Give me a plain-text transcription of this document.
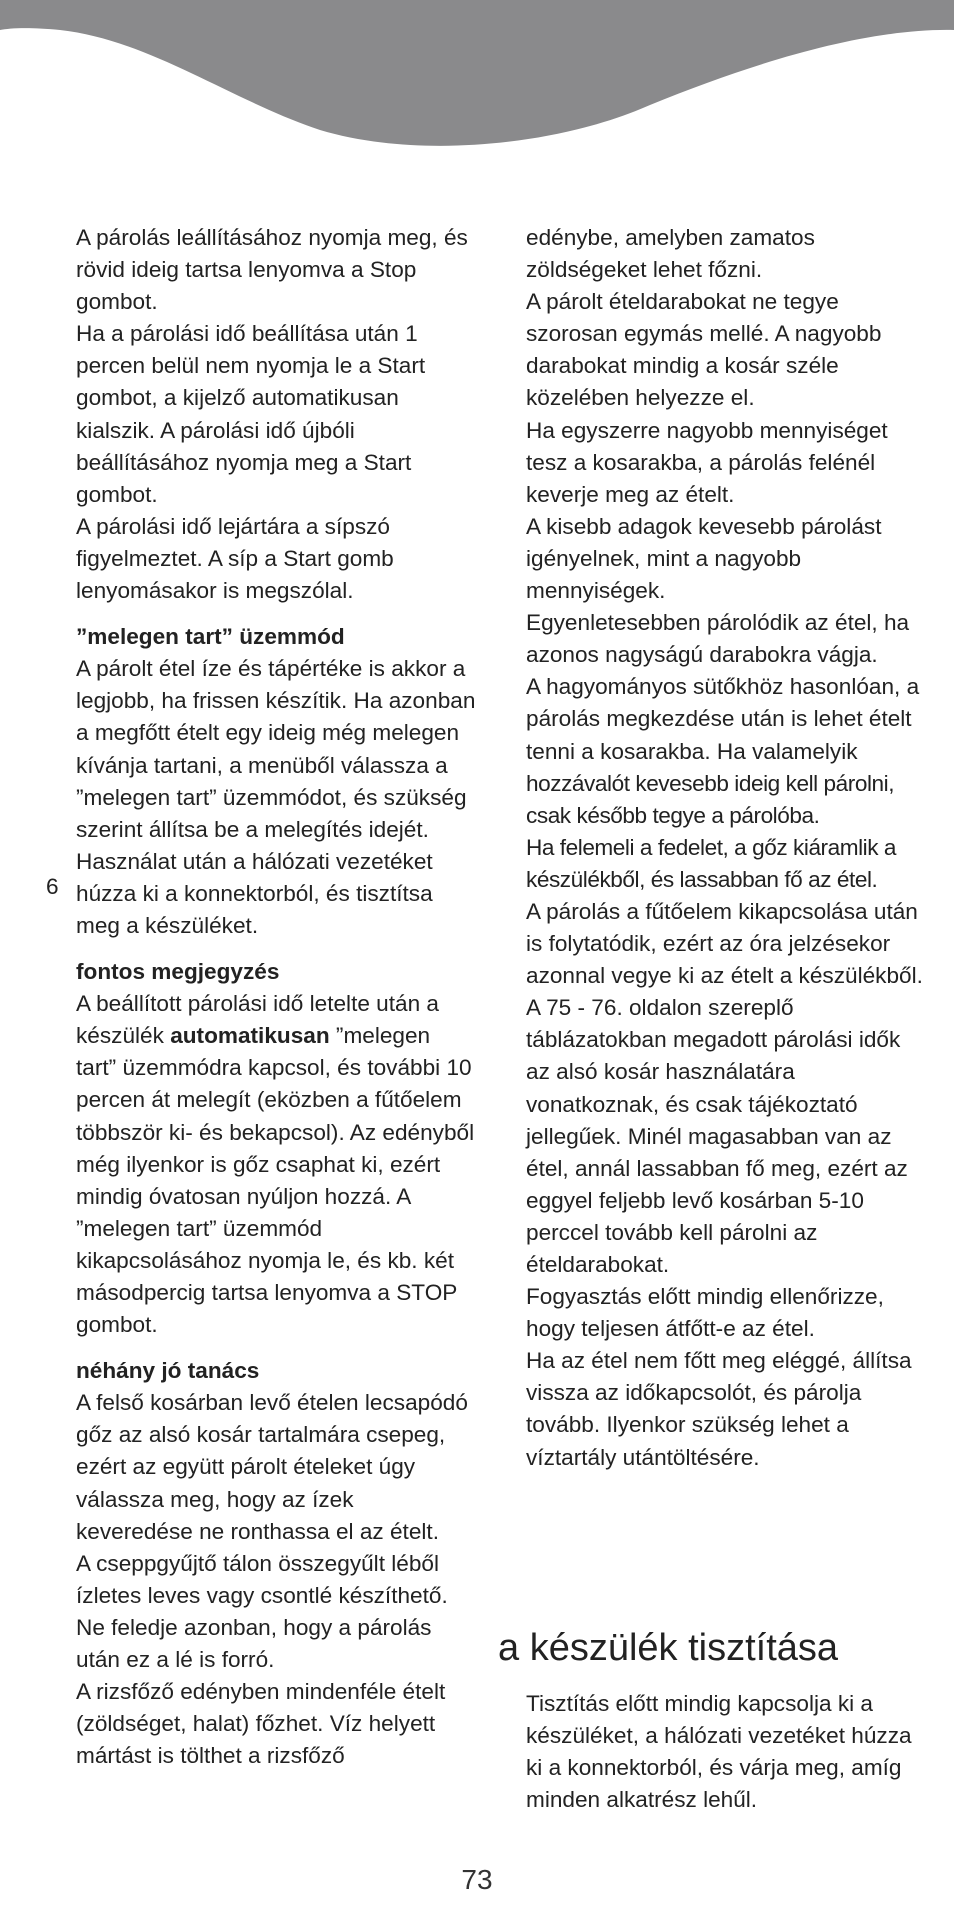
A párolás leállításához nyomja meg, és rövid ideig tartsa lenyomva a Stop gombot.

Ha a párolási idő beállítása után 1 percen belül nem nyomja le a Start gombot, a kijelző automatikusan kialszik. A párolási idő újbóli beállításához nyomja meg a Start gombot.

A párolási idő lejártára a sípszó figyelmeztet. A síp a Start gomb lenyomásakor is megszólal.

”melegen tart” üzemmód

A párolt étel íze és tápértéke is akkor a legjobb, ha frissen készítik. Ha azonban a megfőtt ételt egy ideig még melegen kívánja tartani, a menüből válassza a ”melegen tart” üzemmódot, és szükség szerint állítsa be a melegítés idejét.

Használat után a hálózati vezetéket húzza ki a konnektorból, és tisztítsa meg a készüléket.

fontos megjegyzés

A beállított párolási idő letelte után a készülék automatikusan ”melegen tart” üzemmódra kapcsol, és további 10 percen át melegít (eközben a fűtőelem többször ki- és bekapcsol). Az edényből még ilyenkor is gőz csaphat ki, ezért mindig óvatosan nyúljon hozzá. A ”melegen tart” üzemmód kikapcsolásához nyomja le, és kb. két másodpercig tartsa lenyomva a STOP gombot.

néhány jó tanács

A felső kosárban levő ételen lecsapódó gőz az alsó kosár tartalmára csepeg, ezért az együtt párolt ételeket úgy válassza meg, hogy az ízek keveredése ne ronthassa el az ételt.

A cseppgyűjtő tálon összegyűlt léből ízletes leves vagy csontlé készíthető. Ne feledje azonban, hogy a párolás után ez a lé is forró.

A rizsfőző edényben mindenféle ételt (zöldséget, halat) főzhet. Víz helyett mártást is tölthet a rizsfőző

6

edénybe, amelyben zamatos zöldségeket lehet főzni.

A párolt ételdarabokat ne tegye szorosan egymás mellé. A nagyobb darabokat mindig a kosár széle közelében helyezze el.

Ha egyszerre nagyobb mennyiséget tesz a kosarakba, a párolás felénél keverje meg az ételt.

A kisebb adagok kevesebb párolást igényelnek, mint a nagyobb mennyiségek.

Egyenletesebben párolódik az étel, ha azonos nagyságú darabokra vágja.

A hagyományos sütőkhöz hasonlóan, a párolás megkezdése után is lehet ételt tenni a kosarakba. Ha valamelyik

hozzávalót kevesebb ideig kell párolni, csak később tegye a párolóba.

Ha felemeli a fedelet, a gőz kiáramlik a készülékből, és lassabban fő az étel.

A párolás a fűtőelem kikapcsolása után is folytatódik, ezért az óra jelzésekor azonnal vegye ki az ételt a készülékből.

A 75 - 76. oldalon szereplő táblázatokban megadott párolási idők az alsó kosár használatára vonatkoznak, és csak tájékoztató jellegűek. Minél magasabban van az étel, annál lassabban fő meg, ezért az eggyel feljebb levő kosárban 5-10 perccel tovább kell párolni az ételdarabokat.

Fogyasztás előtt mindig ellenőrizze, hogy teljesen átfőtt-e az étel.

Ha az étel nem főtt meg eléggé, állítsa vissza az időkapcsolót, és párolja tovább. Ilyenkor szükség lehet a víztartály utántöltésére.

a készülék tisztítása

Tisztítás előtt mindig kapcsolja ki a készüléket, a hálózati vezetéket húzza ki a konnektorból, és várja meg, amíg minden alkatrész lehűl.

73
